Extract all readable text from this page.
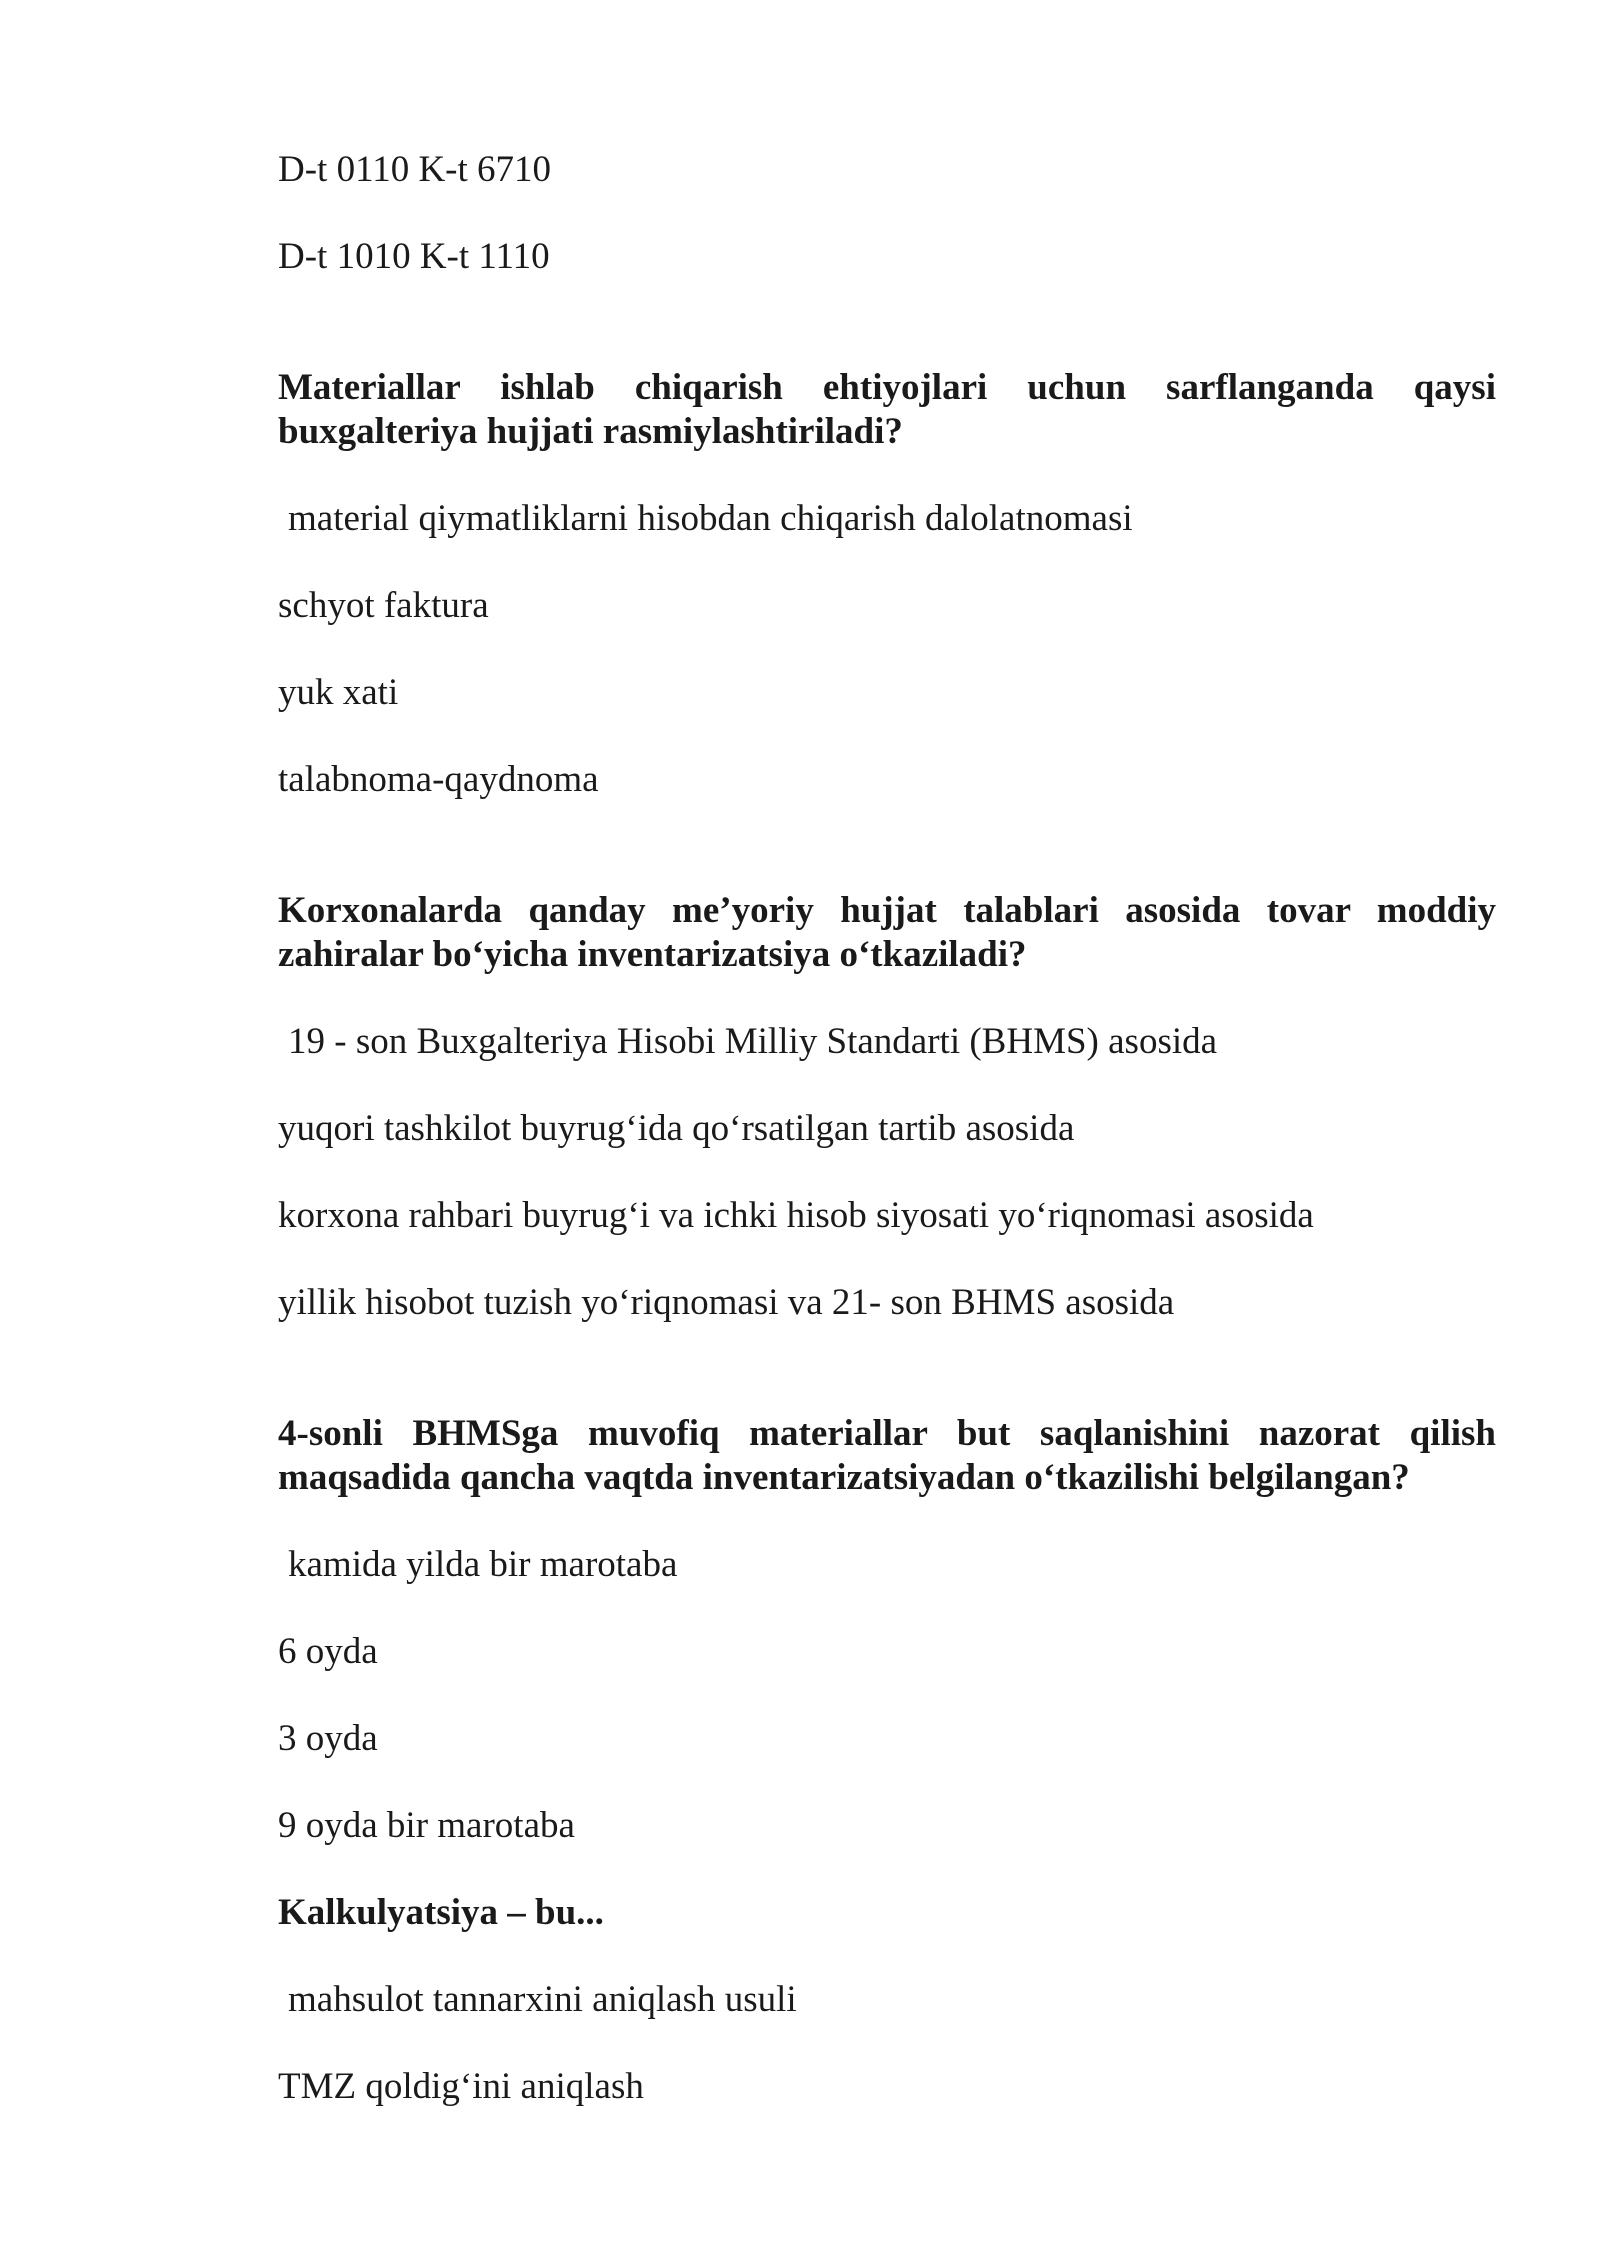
D-t 0110 K-t 6710
D-t 1010 K-t 1110
Materiallar ishlab chiqarish ehtiyojlari uchun sarflanganda qaysi buxgalteriya hujjati rasmiylashtiriladi?
material qiymatliklarni hisobdan chiqarish dalolatnomasi
schyot faktura
yuk xati
talabnoma-qaydnoma
Korxonalarda qanday me’yoriy hujjat talablari asosida tovar moddiy zahiralar bo‘yicha inventarizatsiya o‘tkaziladi?
19 - son Buxgalteriya Hisobi Milliy Standarti (BHMS) asosida
yuqori tashkilot buyrug‘ida qo‘rsatilgan tartib asosida
korxona rahbari buyrug‘i va ichki hisob siyosati yo‘riqnomasi asosida
yillik hisobot tuzish yo‘riqnomasi va 21- son BHMS asosida
4-sonli BHMSga muvofiq materiallar but saqlanishini nazorat qilish maqsadida qancha vaqtda inventarizatsiyadan o‘tkazilishi belgilangan?
kamida yilda bir marotaba
6 oyda
3 oyda
9 oyda bir marotaba
Kalkulyatsiya – bu...
mahsulot tannarxini aniqlash usuli
TMZ qoldig‘ini aniqlash
